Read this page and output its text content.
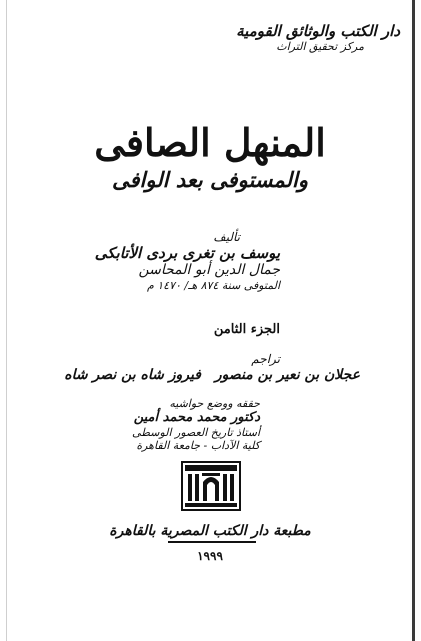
دار الكتب والوثائق القومية
مركز تحقيق التراث
المنهل الصافى
والمستوفى بعد الوافى
تأليف
يوسف بن تغرى بردى الأتابكى
جمال الدين أبو المحاسن
المتوفى سنة ٨٧٤ هـ/ ١٤٧٠ م
الجزء الثامن
تراجم
عجلان بن نعير بن منصورفيروز شاه بن نصر شاه
حققه ووضع حواشيه
دكتور محمد محمد أمين
أستاذ تاريخ العصور الوسطى
كلية الآداب - جامعة القاهرة
مطبعة دار الكتب المصرية بالقاهرة
١٩٩٩
